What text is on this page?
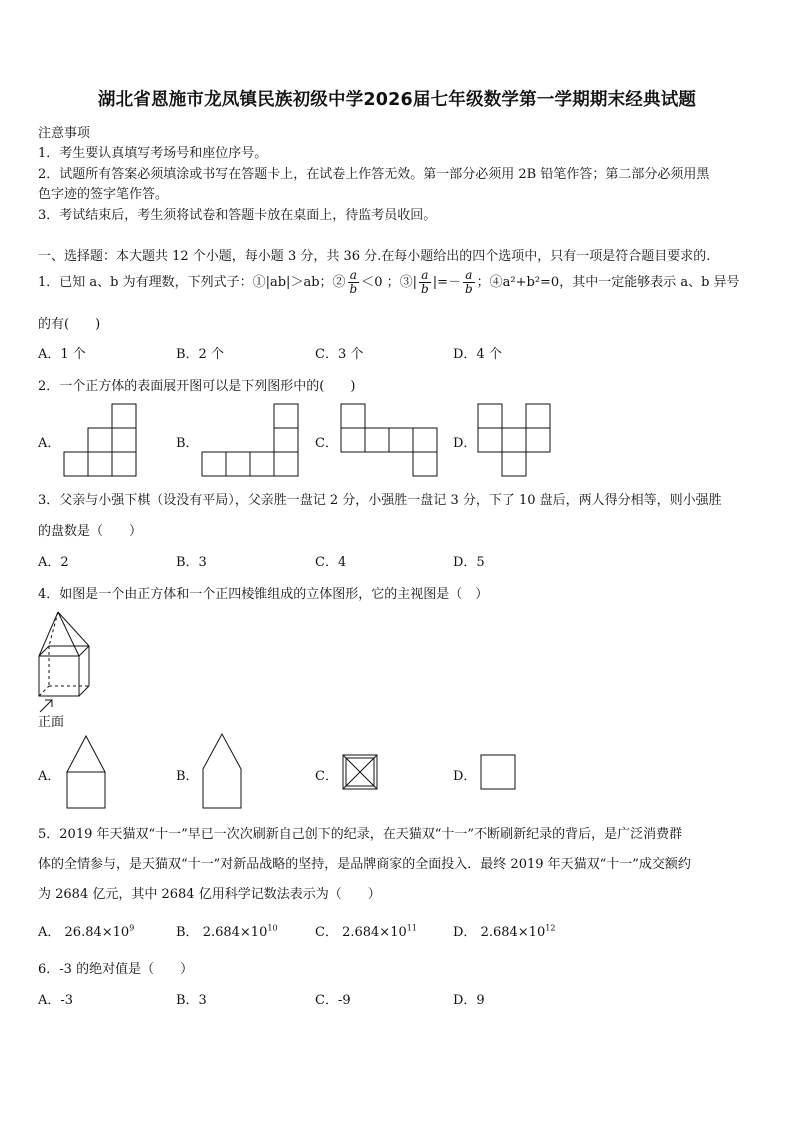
湖北省恩施市龙凤镇民族初级中学2026届七年级数学第一学期期末经典试题
注意事项
1．考生要认真填写考场号和座位序号。
2．试题所有答案必须填涂或书写在答题卡上，在试卷上作答无效。第一部分必须用 2B 铅笔作答；第二部分必须用黑
色字迹的签字笔作答。
3．考试结束后，考生须将试卷和答题卡放在桌面上，待监考员收回。
一、选择题：本大题共 12 个小题，每小题 3 分，共 36 分.在每小题给出的四个选项中，只有一项是符合题目要求的.
1．已知 a、b 为有理数，下列式子：①|ab|＞ab；② $\frac{a}{b} <0$ ；③| $\frac{a}{b}$ |=－ $\frac{a}{b}$ ；④a²+b²=0，其中一定能够表示 a、b 异号
的有(　　)
A．1 个	B．2 个	C．3 个	D．4 个
2．一个正方体的表面展开图可以是下列图形中的(　　)
A．	B．	C．	D．
3．父亲与小强下棋（设没有平局），父亲胜一盘记 2 分，小强胜一盘记 3 分，下了 10 盘后，两人得分相等，则小强胜
的盘数是（　　）
A．2	B．3	C．4	D．5
4．如图是一个由正方体和一个正四棱锥组成的立体图形，它的主视图是（　）
正面
A．	B．	C．	D．
5．2019 年天猫双“十一”早已一次次刷新自己创下的纪录，在天猫双“十一”不断刷新纪录的背后，是广泛消费群
体的全情参与，是天猫双“十一”对新品战略的坚持，是品牌商家的全面投入．最终 2019 年天猫双“十一”成交额约
为 2684 亿元，其中 2684 亿用科学记数法表示为（　　）
A． $26.84\times 10^9$	B． $2.684\times 10^{10}$	C． $2.684\times 10^{11}$	D． $2.684\times 10^{12}$
6．-3 的绝对值是（　　）
A．-3	B．3	C．-9	D．9
